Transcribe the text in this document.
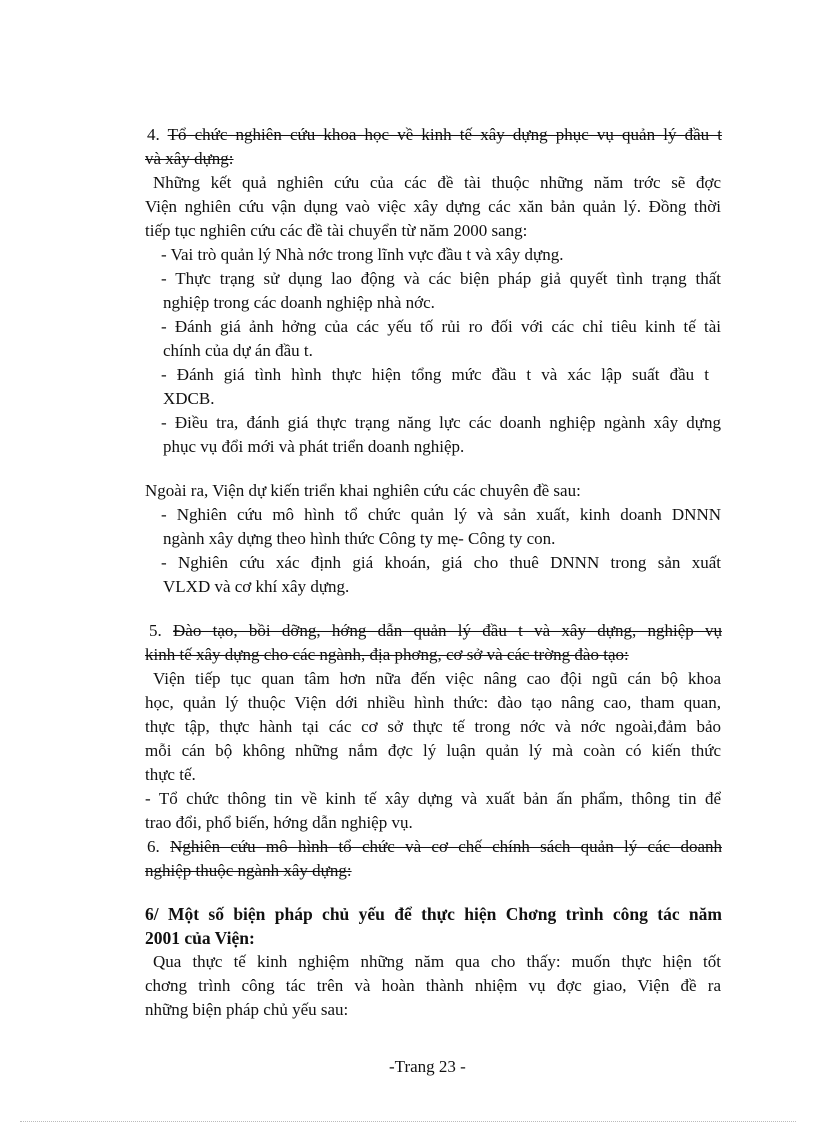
4. Tổ chức nghiên cứu khoa học về kinh tế xây dựng phục vụ quản lý đầu t
và xây dựng:
Những kết quả nghiên cứu của các đề tài thuộc những năm trớc sẽ đợc
Viện nghiên cứu vận dụng vaò việc xây dựng các xăn bản quản lý. Đồng thời
tiếp tục nghiên cứu các đề tài chuyển từ năm 2000 sang:
- Vai trò quản lý Nhà nớc trong lĩnh vực đầu t và xây dựng.
- Thực trạng sử dụng lao động và các biện pháp giả quyết tình trạng thất
nghiệp trong các doanh nghiệp nhà nớc.
- Đánh giá ảnh hởng của các yếu tố rủi ro đối với các chỉ tiêu kinh tế tài
chính của dự án đầu t.
- Đánh giá tình hình thực hiện tổng mức đầu t và xác lập suất đầu t
XDCB.
- Điều tra, đánh giá thực trạng năng lực các doanh nghiệp ngành xây dựng
phục vụ đổi mới và phát triển doanh nghiệp.
Ngoài ra, Viện dự kiến triển khai nghiên cứu các chuyên đề sau:
- Nghiên cứu mô hình tổ chức quản lý và sản xuất, kinh doanh DNNN
ngành xây dựng theo hình thức Công ty mẹ- Công ty con.
- Nghiên cứu xác định giá khoán, giá cho thuê DNNN trong sản xuất
VLXD và cơ khí xây dựng.
5. Đào tạo, bồi dỡng, hớng dẫn quản lý đầu t và xây dựng, nghiệp vụ
kinh tế xây dựng cho các ngành, địa phơng, cơ sở và các trờng đào tạo:
Viện tiếp tục quan tâm hơn nữa đến việc nâng cao đội ngũ cán bộ khoa
học, quản lý thuộc Viện dới nhiều hình thức: đào tạo nâng cao, tham quan,
thực tập, thực hành tại các cơ sở thực tế trong nớc và nớc ngoài,đảm bảo
mỗi cán bộ không những nắm đợc lý luận quản lý mà coàn có kiến thức
thực tế.
- Tổ chức thông tin về kinh tế xây dựng và xuất bản ấn phẩm, thông tin để
trao đổi, phổ biến, hớng dẫn nghiệp vụ.
6. Nghiên cứu mô hình tổ chức và cơ chế chính sách quản lý các doanh
nghiệp thuộc ngành xây dựng:
6/ Một số biện pháp chủ yếu để thực hiện Chơng trình công tác năm
2001 của Viện:
Qua thực tế kinh nghiệm những năm qua cho thấy: muốn thực hiện tốt
chơng trình công tác trên và hoàn thành nhiệm vụ đợc giao, Viện đề ra
những biện pháp chủ yếu sau:
-Trang 23 -
